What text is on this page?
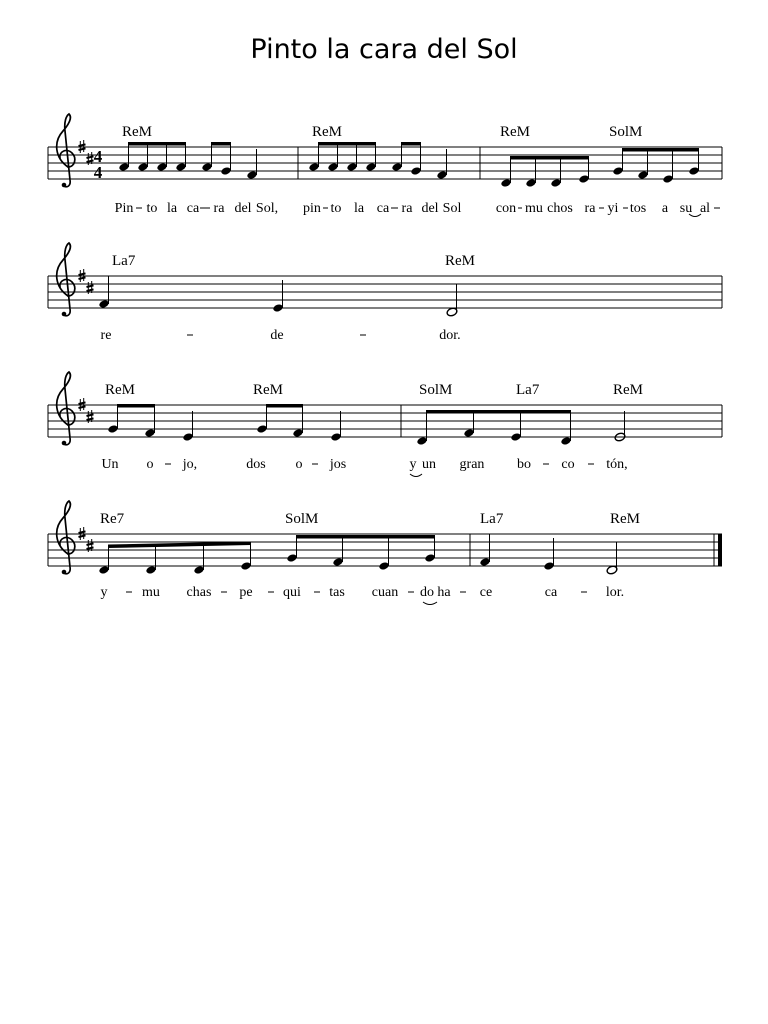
Pinto la cara del Sol
4
4
ReM	ReM	ReM	SolM
Pin to la ca ra del Sol, pin to la ca ra del Sol con mu chos ra yi tos a su al
La7	ReM
re	de	dor.
ReM	ReM	SolM	La7	ReM
Un o jo,	dos o jos	y un gran bo co tón,
Re7	SolM	La7	ReM
y mu chas pe qui tas cuan do ha ce	ca	lor.
